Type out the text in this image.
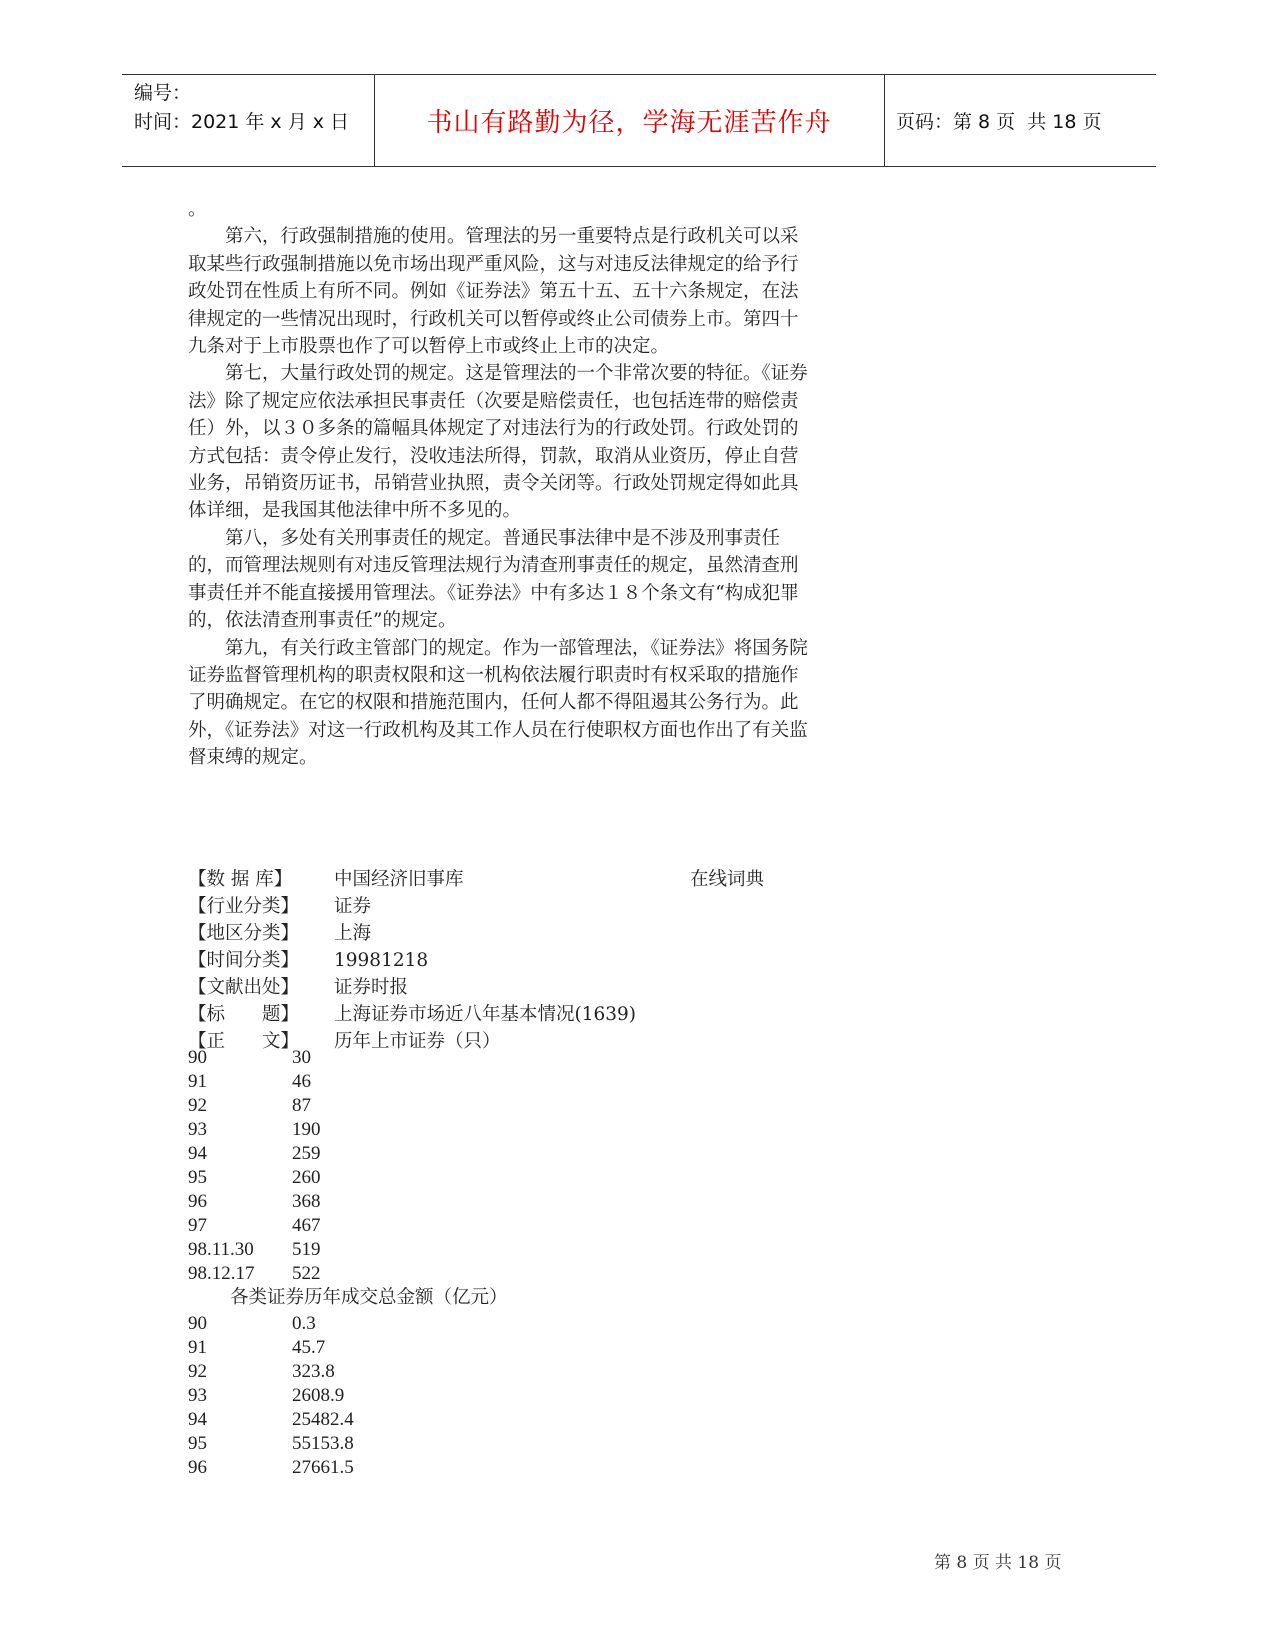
编号：
时间：2021 年 x 月 x 日	书山有路勤为径，学海无涯苦作舟	页码：第 8 页  共 18 页

。

第六，行政强制措施的使用。管理法的另一重要特点是行政机关可以采取某些行政强制措施以免市场出现严重风险，这与对违反法律规定的给予行政处罚在性质上有所不同。例如《证券法》第五十五、五十六条规定，在法律规定的一些情况出现时，行政机关可以暂停或终止公司债券上市。第四十九条对于上市股票也作了可以暂停上市或终止上市的决定。

第七，大量行政处罚的规定。这是管理法的一个非常次要的特征。《证券法》除了规定应依法承担民事责任（次要是赔偿责任，也包括连带的赔偿责任）外，以３０多条的篇幅具体规定了对违法行为的行政处罚。行政处罚的方式包括：责令停止发行，没收违法所得，罚款，取消从业资历，停止自营业务，吊销资历证书，吊销营业执照，责令关闭等。行政处罚规定得如此具体详细，是我国其他法律中所不多见的。

第八，多处有关刑事责任的规定。普通民事法律中是不涉及刑事责任的，而管理法规则有对违反管理法规行为清查刑事责任的规定，虽然清查刑事责任并不能直接援用管理法。《证券法》中有多达１８个条文有“构成犯罪的，依法清查刑事责任”的规定。

第九，有关行政主管部门的规定。作为一部管理法，《证券法》将国务院证券监督管理机构的职责权限和这一机构依法履行职责时有权采取的措施作了明确规定。在它的权限和措施范围内，任何人都不得阻遏其公务行为。此外，《证券法》对这一行政机构及其工作人员在行使职权方面也作出了有关监督束缚的规定。

【数 据 库】 中国经济旧事库	在线词典
【行业分类】 证券
【地区分类】 上海
【时间分类】 19981218
【文献出处】 证券时报
【标　　题】 上海证券市场近八年基本情况(1639)
【正　　文】 历年上市证券（只）
90	30
91	46
92	87
93	190
94	259
95	260
96	368
97	467
98.11.30 519
98.12.17 522
各类证券历年成交总金额（亿元）
90	0.3
91	45.7
92	323.8
93	2608.9
94	25482.4
95	55153.8
96	27661.5
第 8 页 共 18 页
